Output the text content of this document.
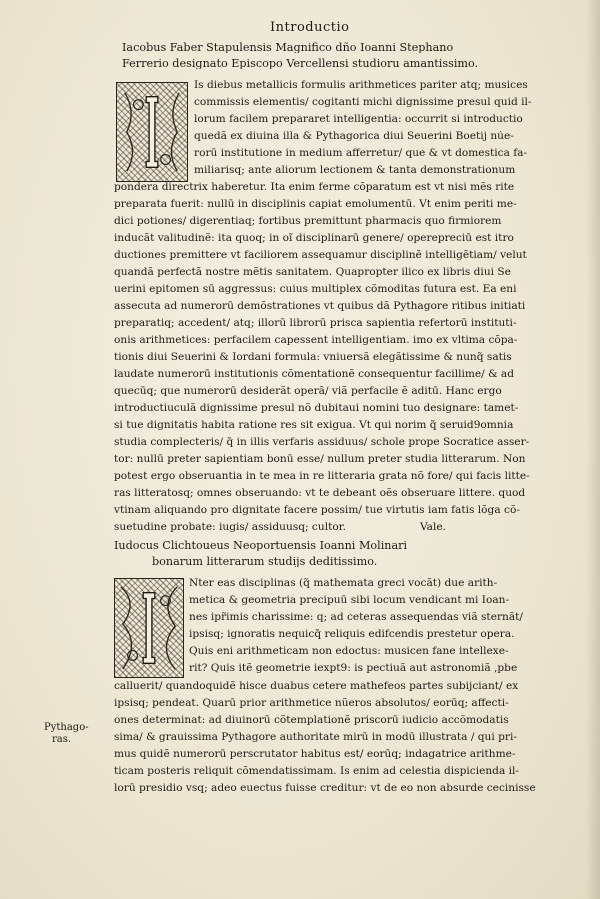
Introductio
Iacobus Faber Stapulensis Magnifico dño Ioanni Stephano
Ferrerio designato Episcopo Vercellensi studioru amantissimo.
Is diebus metallicis formulis arithmetices pariter atq; musices
commissis elementis/ cogitanti michi dignissime presul quid il-
lorum facilem prepararet intelligentia: occurrit si introductio
quedã ex diuina illa & Pythagorica diui Seuerini Boetij núe-
rorū institutione in medium afferretur/ que & vt domestica fa-
miliarisq; ante aliorum lectionem & tanta demonstrationum
pondera directrix haberetur. Ita enim ferme cõparatum est vt nisi mẽs rite
preparata fuerit: nullū in disciplinis capiat emolumentū. Vt enim periti me-
dici potiones/ digerentiaq; fortibus premittunt pharmacis quo firmiorem
inducãt valitudinẽ: ita quoq; in oĩ disciplinarū genere/ operepreciū est itro
ductiones premittere vt faciliorem assequamur disciplinẽ intelligẽtiam/ velut
quandã perfectã nostre mẽtis sanitatem. Quapropter ilico ex libris diui Se
uerini epitomen sū aggressus: cuius multiplex cõmoditas futura est. Ea eni
assecuta ad numerorū demõstrationes vt quibus dã Pythagore ritibus initiati
preparatiq; accedent/ atq; illorū librorū prisca sapientia refertorū instituti-
onis arithmetices: perfacilem capessent intelligentiam. imo ex vltima cõpa-
tionis diui Seuerini & Iordani formula: vniuersã elegãtissime & nunq̃ satis
laudate numerorū institutionis cõmentationẽ consequentur facillime/ & ad
quecūq; que numerorū desiderãt operã/ viã perfacile ẽ aditū. Hanc ergo
introductiuculã dignissime presul nõ dubitaui nomini tuo designare: tamet-
si tue dignitatis habita ratione res sit exigua. Vt qui norim q̃ seruid9omnia
studia complecteris/ q̃ in illis verfaris assiduus/ schole prope Socratice asser-
tor: nullū preter sapientiam bonū esse/ nullum preter studia litterarum. Non
potest ergo obseruantia in te mea in re litteraria grata nõ fore/ qui facis litte-
ras litteratosq; omnes obseruando: vt te debeant oẽs obseruare littere. quod
vtinam aliquando pro dignitate facere possim/ tue virtutis iam fatis lõga cõ-
suetudine probate: iugis/ assiduusq; cultor.	Vale.
Iudocus Clichtoueus Neoportuensis Ioanni Molinari
bonarum litterarum studijs deditissimo.
Nter eas disciplinas (q̃ mathemata greci vocãt) due arith-
metica & geometria precipuū sibi locum vendicant mi Ioan-
nes ipr̃imis charissime: q; ad ceteras assequendas viã sternãt/
ipsisq; ignoratis nequicq̃ reliquis edifcendis prestetur opera.
Quis eni arithmeticam non edoctus: musicen fane intellexe-
rit? Quis itẽ geometrie iexpt9: is pectiuã aut astronomiã ,pbe
calluerit/ quandoquidẽ hisce duabus cetere mathefeos partes subijciant/ ex
ipsisq; pendeat. Quarū prior arithmetice nũeros absolutos/ eorūq; affecti-
ones determinat: ad diuinorū cõtemplationẽ priscorū iudicio accõmodatis
sima/ & grauissima Pythagore authoritate mirū in modū illustrata / qui pri-
mus quidẽ numerorū perscrutator habitus est/ eorūq; indagatrice arithme-
ticam posteris reliquit cõmendatissimam. Is enim ad celestia dispicienda il-
lorū presidio vsq; adeo euectus fuisse creditur: vt de eo non absurde cecinisse
Pythago-
ras.
